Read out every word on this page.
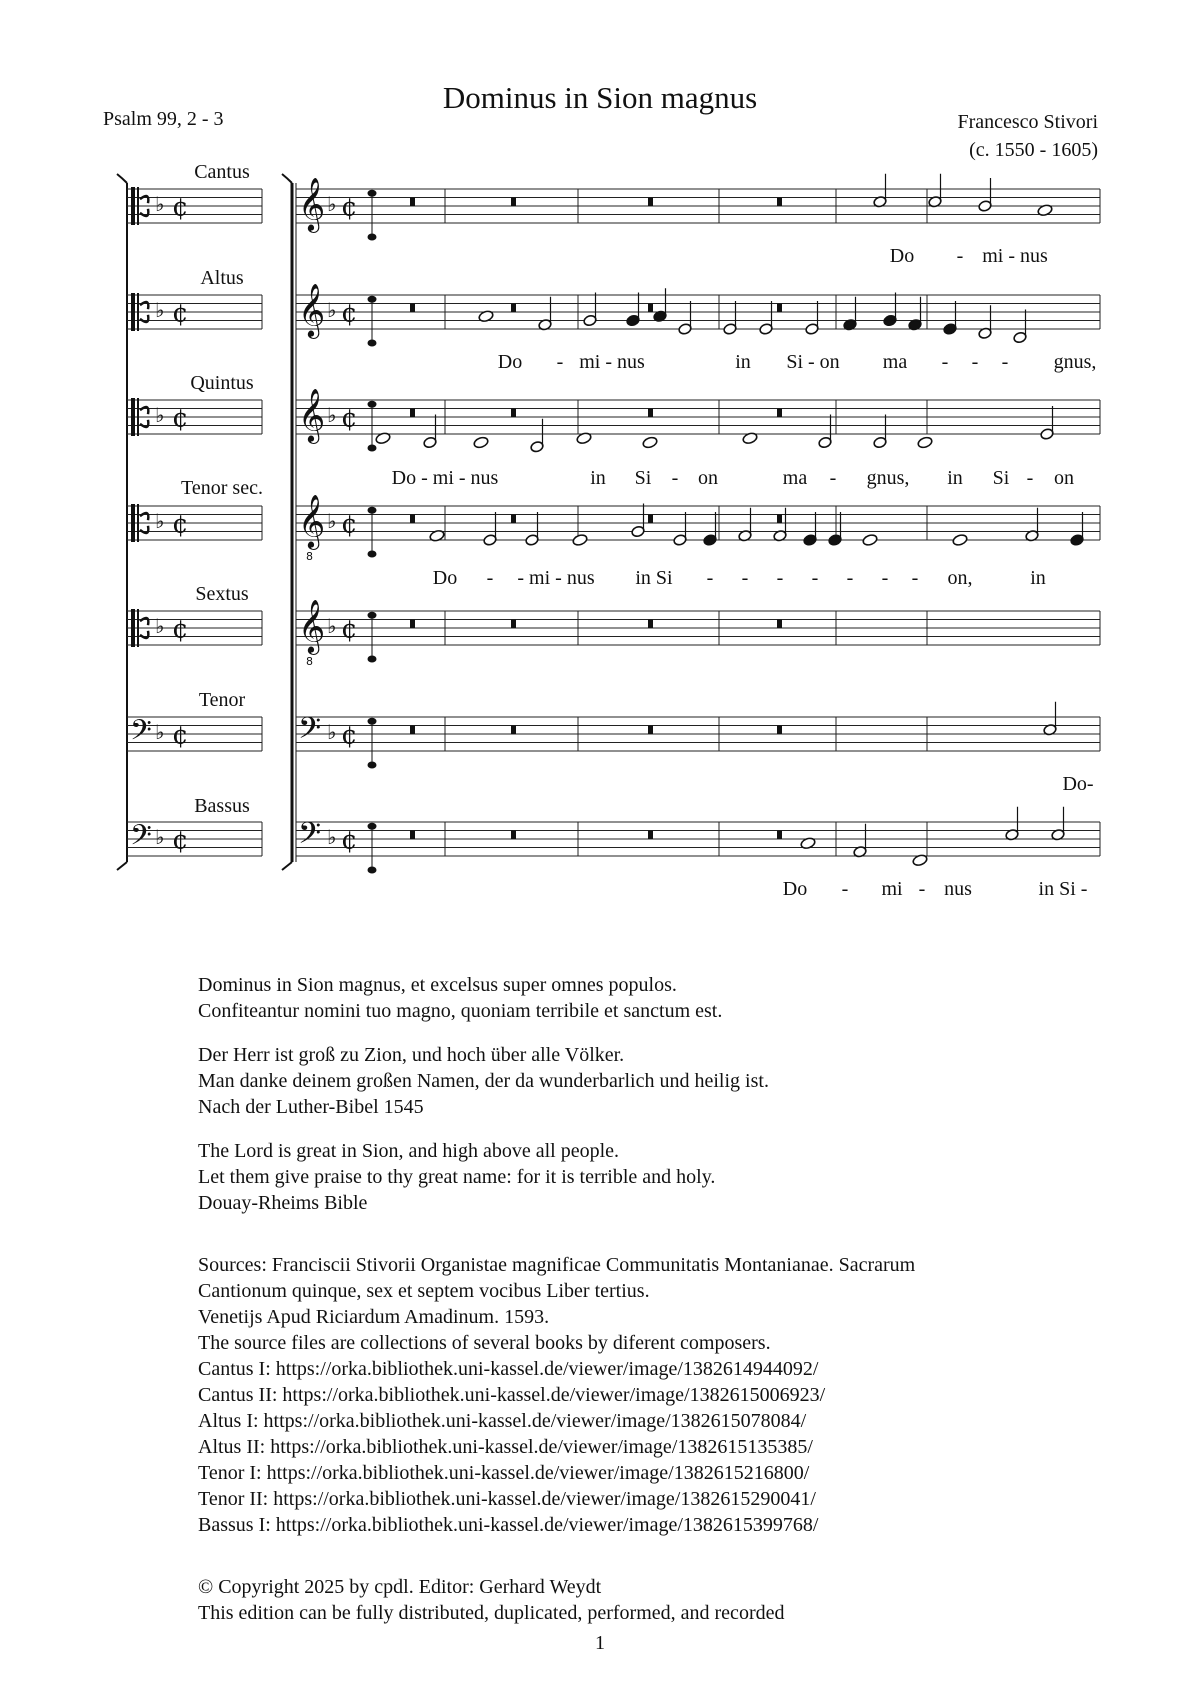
Dominus in Sion magnus
Psalm 99, 2 - 3	Francesco Stivori
(c. 1550 - 1605)
♭ ¢ 𝄞 ♭ ¢
♭ ¢ 𝄞 ♭ ¢
♭ ¢ 𝄞 ♭ ¢
♭ ¢ 𝄞
8
♭ ¢
♭ ¢ 𝄞
8
♭ ¢
𝄢 ♭ ¢	𝄢 ♭ ¢
𝄢 ♭ ¢	𝄢 ♭ ¢
Cantus
Altus
Quintus
Tenor sec.
Sextus
Tenor
Bassus
Do - mi - nus
Do - mi - nus	in Si - on ma - - - gnus,
Do - mi - nus	in Si - on	ma - gnus, in Si - on
Do - - mi - nus in Si - - - - - - - on,	in
Do-
Do - mi - nus	in Si -

Dominus in Sion magnus, et excelsus super omnes populos.
Confiteantur nomini tuo magno, quoniam terribile et sanctum est.

Der Herr ist groß zu Zion, und hoch über alle Völker.
Man danke deinem großen Namen, der da wunderbarlich und heilig ist.
Nach der Luther-Bibel 1545

The Lord is great in Sion, and high above all people.
Let them give praise to thy great name: for it is terrible and holy.
Douay-Rheims Bible

Sources: Franciscii Stivorii Organistae magnificae Communitatis Montanianae. Sacrarum
Cantionum quinque, sex et septem vocibus Liber tertius.
Venetijs Apud Riciardum Amadinum. 1593.
The source files are collections of several books by diferent composers.
Cantus I: https://orka.bibliothek.uni-kassel.de/viewer/image/1382614944092/
Cantus II: https://orka.bibliothek.uni-kassel.de/viewer/image/1382615006923/
Altus I: https://orka.bibliothek.uni-kassel.de/viewer/image/1382615078084/
Altus II: https://orka.bibliothek.uni-kassel.de/viewer/image/1382615135385/
Tenor I: https://orka.bibliothek.uni-kassel.de/viewer/image/1382615216800/
Tenor II: https://orka.bibliothek.uni-kassel.de/viewer/image/1382615290041/
Bassus I: https://orka.bibliothek.uni-kassel.de/viewer/image/1382615399768/

© Copyright 2025 by cpdl. Editor: Gerhard Weydt
This edition can be fully distributed, duplicated, performed, and recorded

1
